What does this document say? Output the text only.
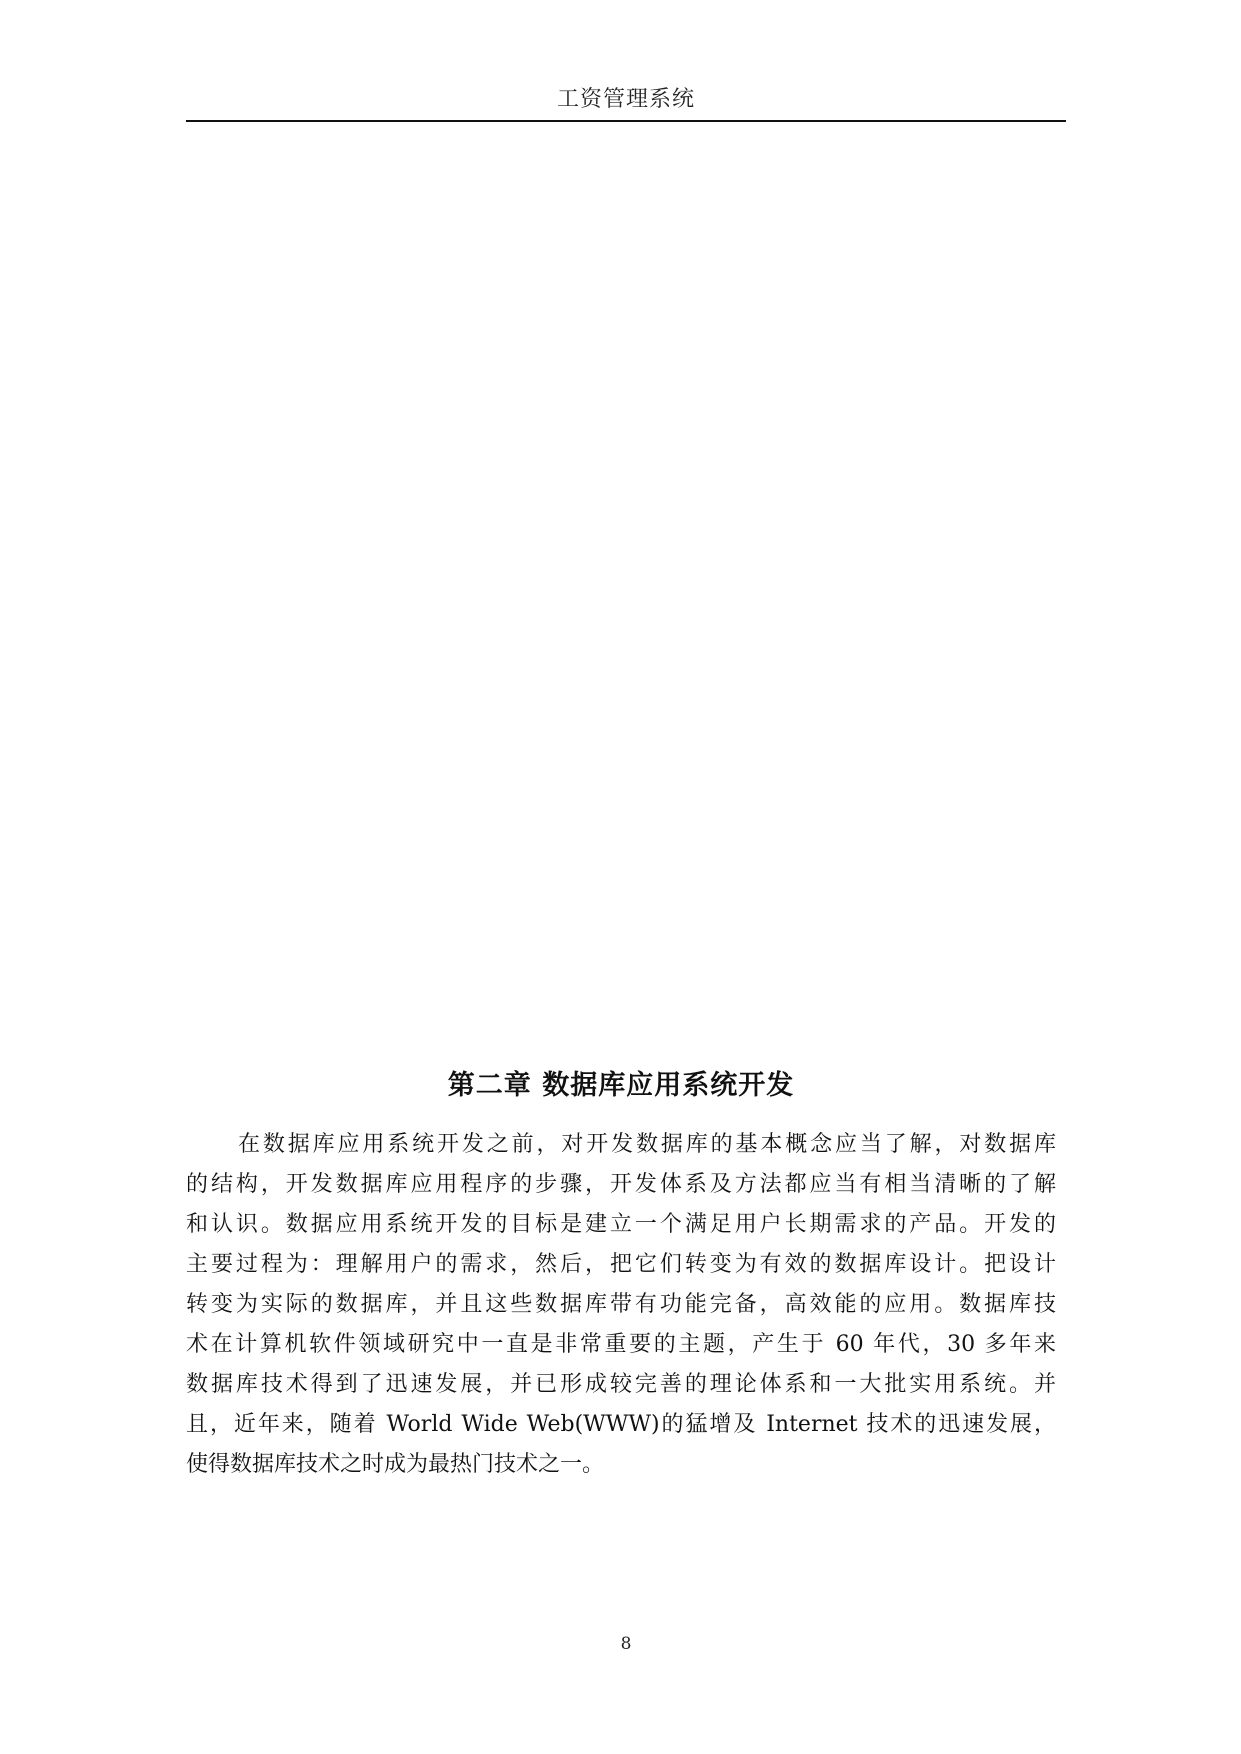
工资管理系统
第二章 数据库应用系统开发
在数据库应用系统开发之前，对开发数据库的基本概念应当了解，对数据库
的结构，开发数据库应用程序的步骤，开发体系及方法都应当有相当清晰的了解
和认识。数据应用系统开发的目标是建立一个满足用户长期需求的产品。开发的
主要过程为：理解用户的需求，然后，把它们转变为有效的数据库设计。把设计
转变为实际的数据库，并且这些数据库带有功能完备，高效能的应用。数据库技
术在计算机软件领域研究中一直是非常重要的主题，产生于 60 年代，30 多年来
数据库技术得到了迅速发展，并已形成较完善的理论体系和一大批实用系统。并
且，近年来，随着 World Wide Web(WWW)的猛增及 Internet 技术的迅速发展，
使得数据库技术之时成为最热门技术之一。
8
